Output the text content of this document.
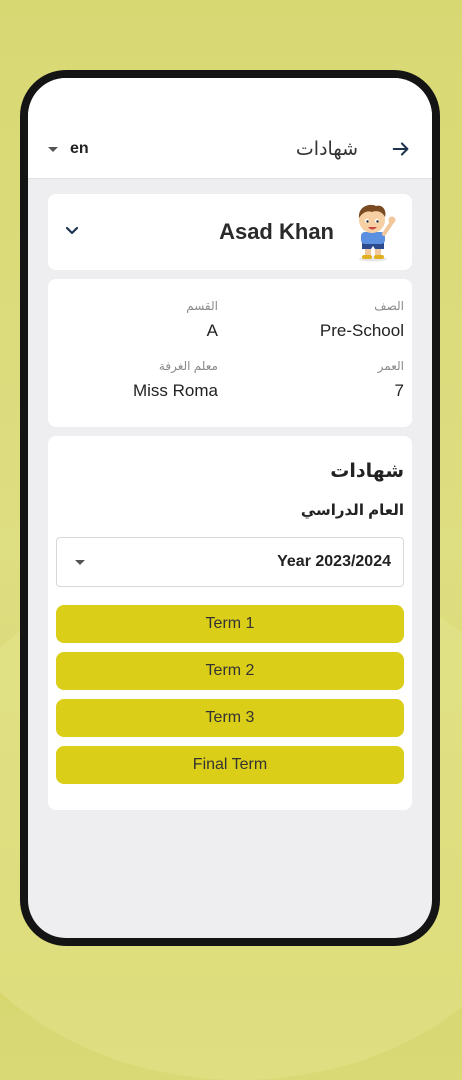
en	شهادات
Asad Khan
الصف
Pre-School
القسم
A
العمر
7
معلم الغرفة
Miss Roma
شهادات
العام الدراسي
Year 2023/2024
Term 1
Term 2
Term 3
Final Term
